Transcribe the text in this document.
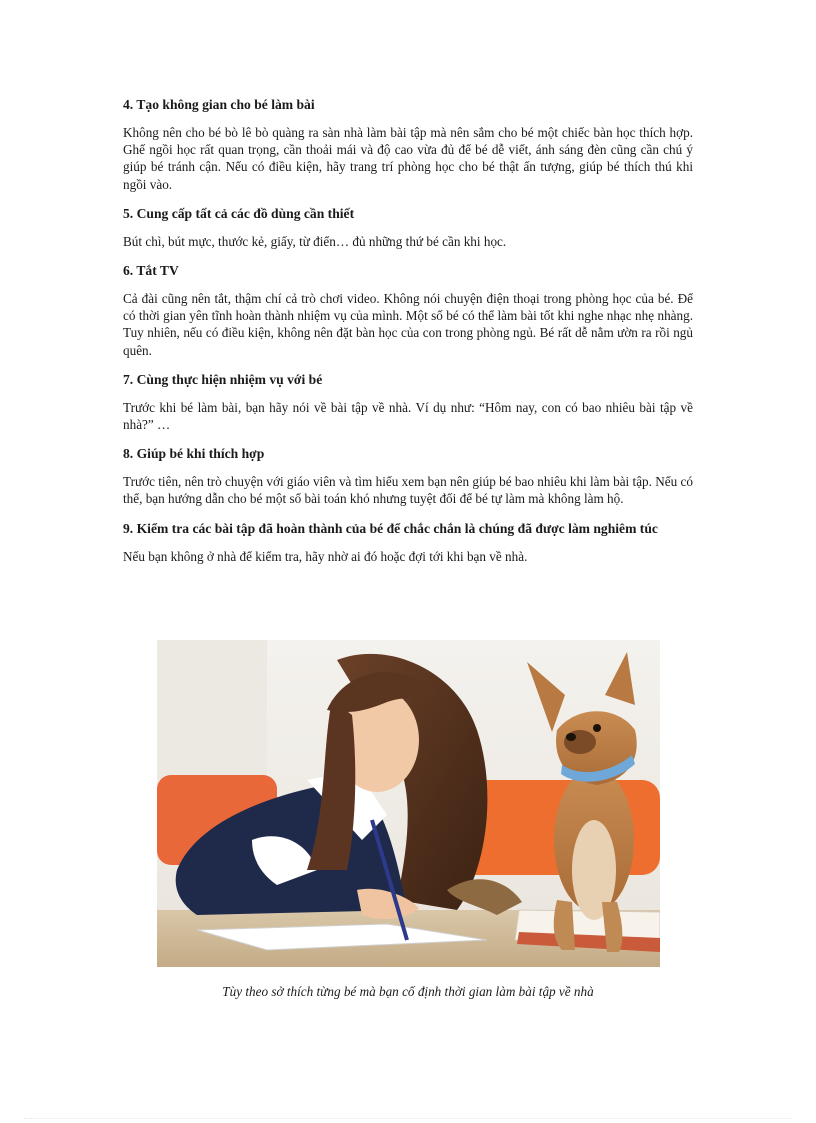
4. Tạo không gian cho bé làm bài

Không nên cho bé bò lê bò quàng ra sàn nhà làm bài tập mà nên sắm cho bé một chiếc bàn học thích hợp. Ghế ngồi học rất quan trọng, cần thoải mái và độ cao vừa đủ để bé dễ viết, ánh sáng đèn cũng cần chú ý giúp bé tránh cận. Nếu có điều kiện, hãy trang trí phòng học cho bé thật ấn tượng, giúp bé thích thú khi ngồi vào.

5. Cung cấp tất cả các đồ dùng cần thiết

Bút chì, bút mực, thước kẻ, giấy, từ điển… đủ những thứ bé cần khi học.

6. Tắt TV

Cả đài cũng nên tắt, thậm chí cả trò chơi video. Không nói chuyện điện thoại trong phòng học của bé. Để có thời gian yên tĩnh hoàn thành nhiệm vụ của mình. Một số bé có thể làm bài tốt khi nghe nhạc nhẹ nhàng. Tuy nhiên, nếu có điều kiện, không nên đặt bàn học của con trong phòng ngủ. Bé rất dễ nằm ườn ra rồi ngủ quên.

7. Cùng thực hiện nhiệm vụ với bé

Trước khi bé làm bài, bạn hãy nói về bài tập về nhà. Ví dụ như: “Hôm nay, con có bao nhiêu bài tập về nhà?” …

8. Giúp bé khi thích hợp

Trước tiên, nên trò chuyện với giáo viên và tìm hiểu xem bạn nên giúp bé bao nhiêu khi làm bài tập. Nếu có thể, bạn hướng dẫn cho bé một số bài toán khó nhưng tuyệt đối để bé tự làm mà không làm hộ.

9. Kiểm tra các bài tập đã hoàn thành của bé để chắc chắn là chúng đã được làm nghiêm túc

Nếu bạn không ở nhà để kiểm tra, hãy nhờ ai đó hoặc đợi tới khi bạn về nhà.

Tùy theo sở thích từng bé mà bạn cố định thời gian làm bài tập về nhà
